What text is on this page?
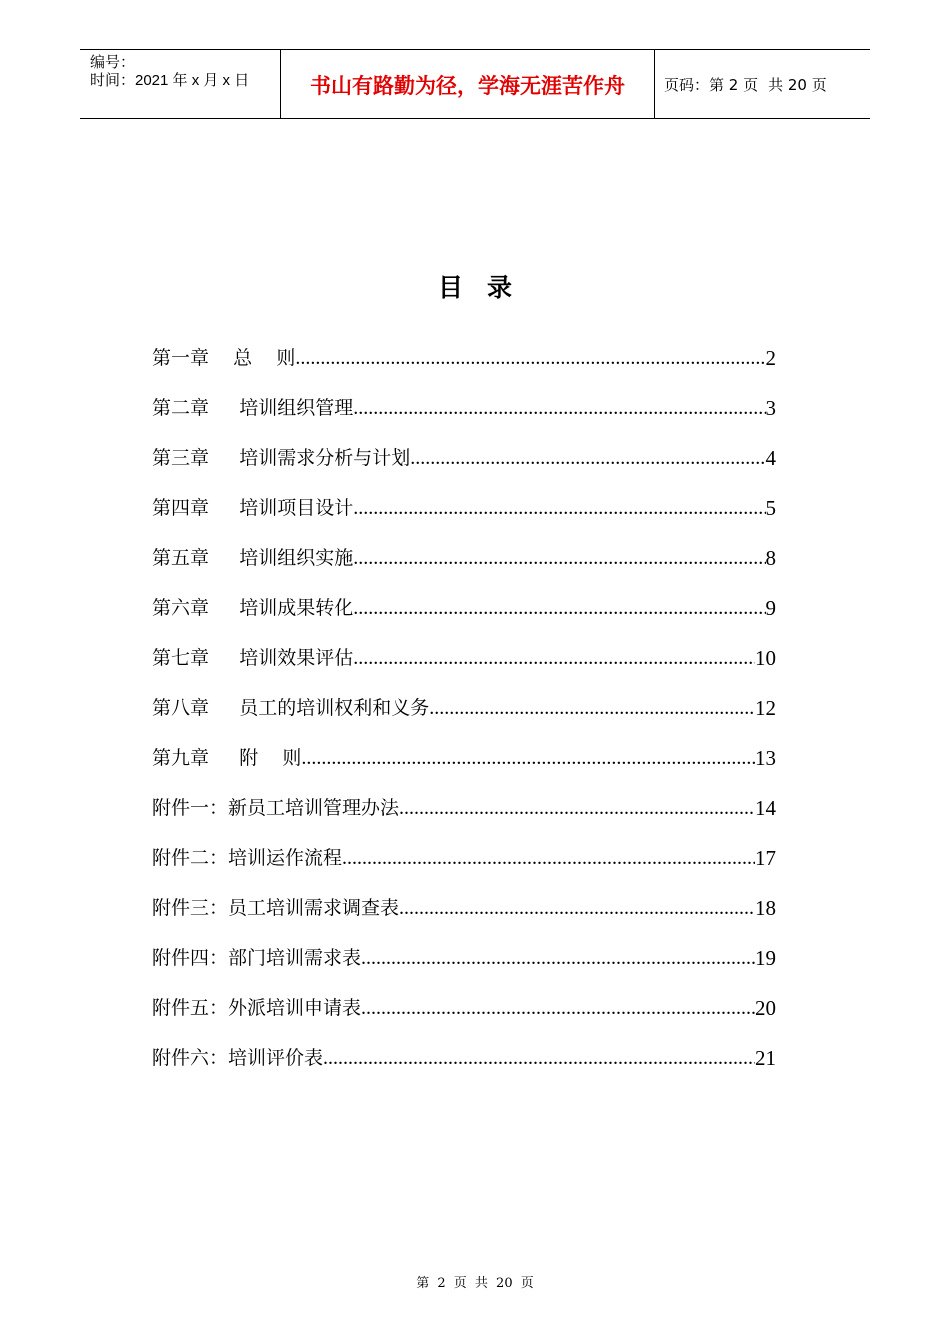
编号：
时间：2021 年 x 月 x 日	书山有路勤为径，学海无涯苦作舟	页码：第 2 页 共 20 页
目录
第一章    总    则 .....	2
第二章     培训组织管理 .....	3
第三章     培训需求分析与计划 .....	4
第四章     培训项目设计 .....	5
第五章     培训组织实施 .....	8
第六章     培训成果转化 .....	9
第七章     培训效果评估 .....	10
第八章     员工的培训权利和义务 .....	12
第九章     附    则 .....	13
附件一：新员工培训管理办法 .....	14
附件二：培训运作流程 .....	17
附件三：员工培训需求调查表 .....	18
附件四：部门培训需求表 .....	19
附件五：外派培训申请表 .....	20
附件六：培训评价表 .....	21
第 2 页 共 20 页
